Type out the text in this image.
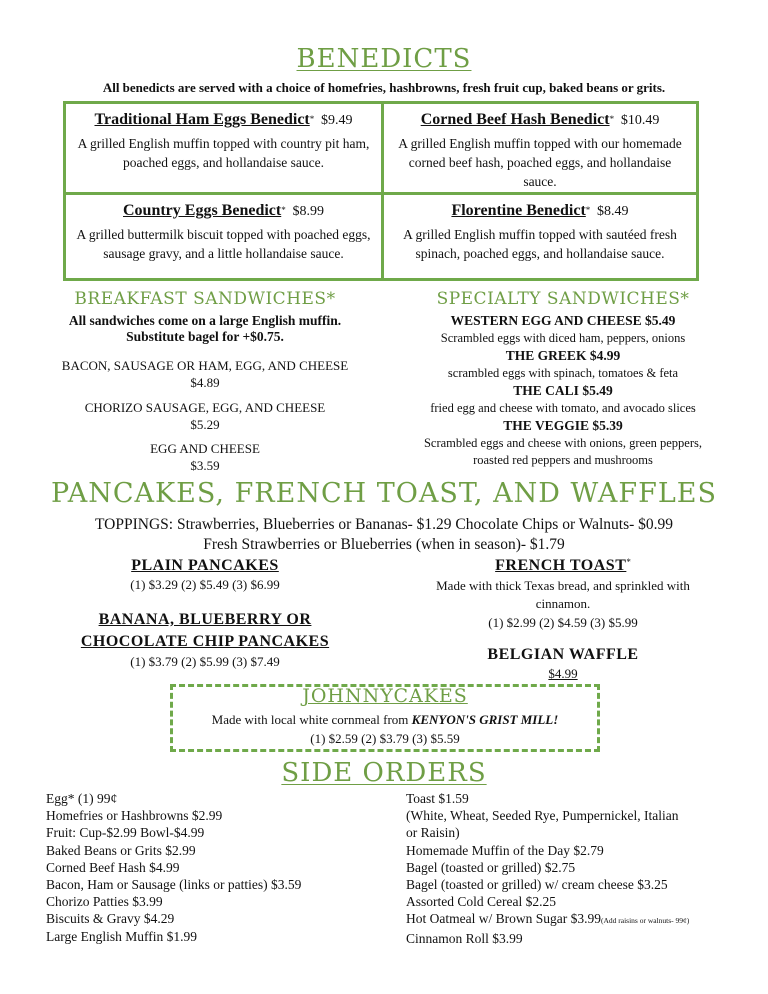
BENEDICTS
All benedicts are served with a choice of homefries, hashbrowns, fresh fruit cup, baked beans or grits.
Traditional Ham Eggs Benedict* $9.49
A grilled English muffin topped with country pit ham, poached eggs, and hollandaise sauce.
Corned Beef Hash Benedict* $10.49
A grilled English muffin topped with our homemade corned beef hash, poached eggs, and hollandaise sauce.
Country Eggs Benedict* $8.99
A grilled buttermilk biscuit topped with poached eggs, sausage gravy, and a little hollandaise sauce.
Florentine Benedict* $8.49
A grilled English muffin topped with sautéed fresh spinach, poached eggs, and hollandaise sauce.
BREAKFAST SANDWICHES*
All sandwiches come on a large English muffin.
Substitute bagel for +$0.75.
BACON, SAUSAGE OR HAM, EGG, AND CHEESE
$4.89
CHORIZO SAUSAGE, EGG, AND CHEESE
$5.29
EGG AND CHEESE
$3.59
SPECIALTY SANDWICHES*
WESTERN EGG AND CHEESE $5.49
Scrambled eggs with diced ham, peppers, onions
THE GREEK $4.99
scrambled eggs with spinach, tomatoes & feta
THE CALI $5.49
fried egg and cheese with tomato, and avocado slices
THE VEGGIE $5.39
Scrambled eggs and cheese with onions, green peppers, roasted red peppers and mushrooms
PANCAKES, FRENCH TOAST, AND WAFFLES
TOPPINGS: Strawberries, Blueberries or Bananas- $1.29 Chocolate Chips or Walnuts- $0.99
Fresh Strawberries or Blueberries (when in season)- $1.79
PLAIN PANCAKES
(1) $3.29 (2) $5.49 (3) $6.99
BANANA, BLUEBERRY OR
CHOCOLATE CHIP PANCAKES
(1) $3.79 (2) $5.99 (3) $7.49
FRENCH TOAST*
Made with thick Texas bread, and sprinkled with cinnamon.
(1) $2.99 (2) $4.59 (3) $5.99
BELGIAN WAFFLE
$4.99
JOHNNYCAKES
Made with local white cornmeal from KENYON'S GRIST MILL!
(1) $2.59 (2) $3.79 (3) $5.59
SIDE ORDERS
Egg* (1) 99¢
Homefries or Hashbrowns $2.99
Fruit: Cup-$2.99 Bowl-$4.99
Baked Beans or Grits $2.99
Corned Beef Hash $4.99
Bacon, Ham or Sausage (links or patties) $3.59
Chorizo Patties $3.99
Biscuits & Gravy $4.29
Large English Muffin $1.99
Toast $1.59
(White, Wheat, Seeded Rye, Pumpernickel, Italian
or Raisin)
Homemade Muffin of the Day $2.79
Bagel (toasted or grilled) $2.75
Bagel (toasted or grilled) w/ cream cheese $3.25
Assorted Cold Cereal $2.25
Hot Oatmeal w/ Brown Sugar $3.99(Add raisins or walnuts- 99¢)
Cinnamon Roll $3.99
